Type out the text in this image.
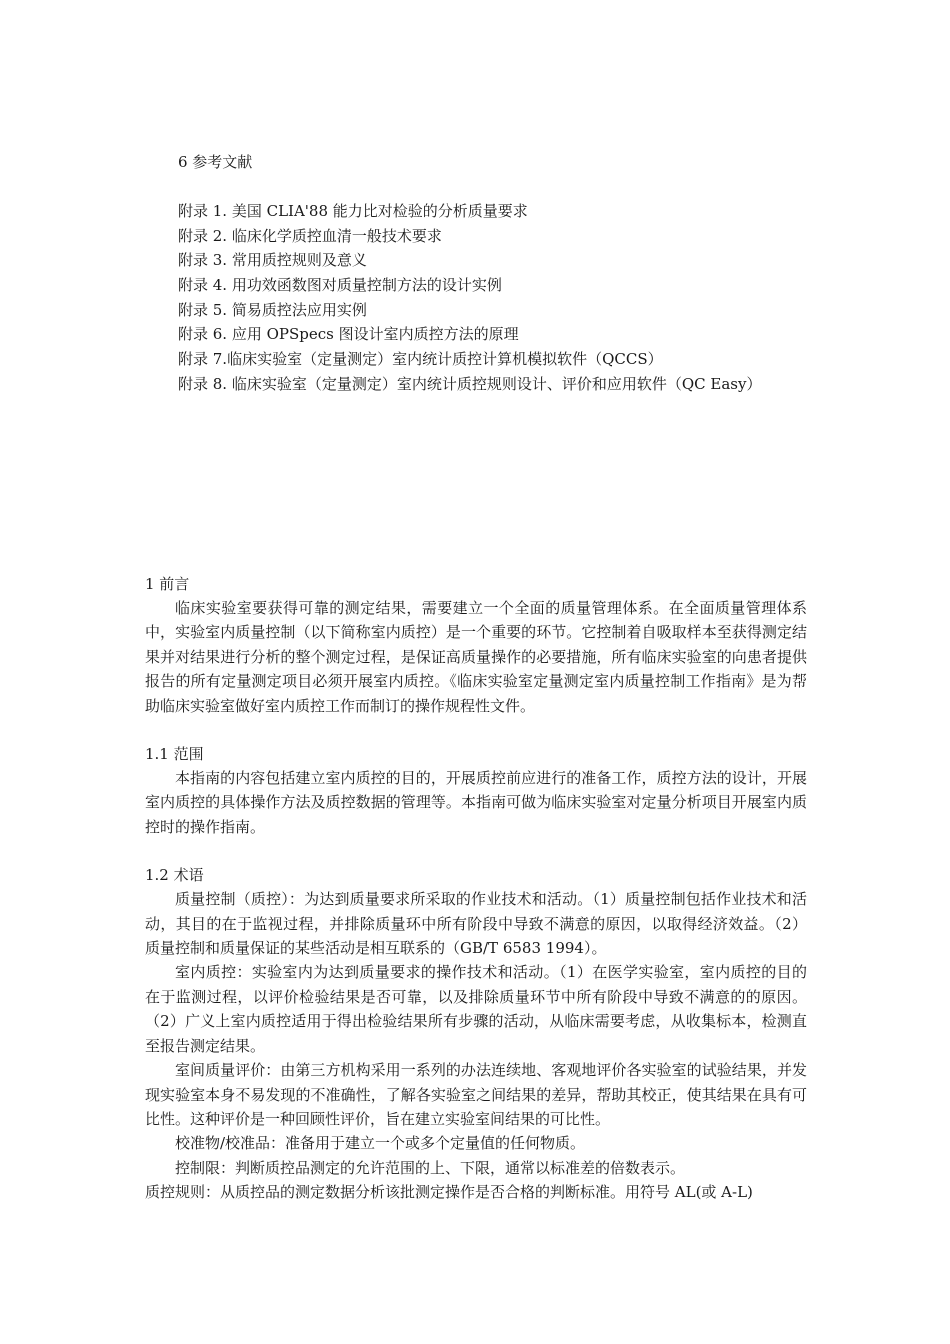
6 参考文献
附录 1. 美国 CLIA'88 能力比对检验的分析质量要求
附录 2. 临床化学质控血清一般技术要求
附录 3. 常用质控规则及意义
附录 4. 用功效函数图对质量控制方法的设计实例
附录 5. 简易质控法应用实例
附录 6. 应用 OPSpecs 图设计室内质控方法的原理
附录 7.临床实验室（定量测定）室内统计质控计算机模拟软件（QCCS）
附录 8. 临床实验室（定量测定）室内统计质控规则设计、评价和应用软件（QC Easy）
1 前言

临床实验室要获得可靠的测定结果，需要建立一个全面的质量管理体系。在全面质量管理体系中，实验室内质量控制（以下简称室内质控）是一个重要的环节。它控制着自吸取样本至获得测定结果并对结果进行分析的整个测定过程，是保证高质量操作的必要措施，所有临床实验室的向患者提供报告的所有定量测定项目必须开展室内质控。《临床实验室定量测定室内质量控制工作指南》是为帮助临床实验室做好室内质控工作而制订的操作规程性文件。

1.1 范围

本指南的内容包括建立室内质控的目的，开展质控前应进行的准备工作，质控方法的设计，开展室内质控的具体操作方法及质控数据的管理等。本指南可做为临床实验室对定量分析项目开展室内质控时的操作指南。

1.2 术语

质量控制（质控）：为达到质量要求所采取的作业技术和活动。（1）质量控制包括作业技术和活动，其目的在于监视过程，并排除质量环中所有阶段中导致不满意的原因，以取得经济效益。（2）质量控制和质量保证的某些活动是相互联系的（GB/T 6583 1994）。

室内质控：实验室内为达到质量要求的操作技术和活动。（1）在医学实验室，室内质控的目的在于监测过程，以评价检验结果是否可靠，以及排除质量环节中所有阶段中导致不满意的的原因。（2）广义上室内质控适用于得出检验结果所有步骤的活动，从临床需要考虑，从收集标本，检测直至报告测定结果。

室间质量评价：由第三方机构采用一系列的办法连续地、客观地评价各实验室的试验结果，并发现实验室本身不易发现的不准确性，了解各实验室之间结果的差异，帮助其校正，使其结果在具有可比性。这种评价是一种回顾性评价，旨在建立实验室间结果的可比性。

校准物/校准品：准备用于建立一个或多个定量值的任何物质。

控制限：判断质控品测定的允许范围的上、下限，通常以标准差的倍数表示。

质控规则：从质控品的测定数据分析该批测定操作是否合格的判断标准。用符号 AL(或 A-L)
